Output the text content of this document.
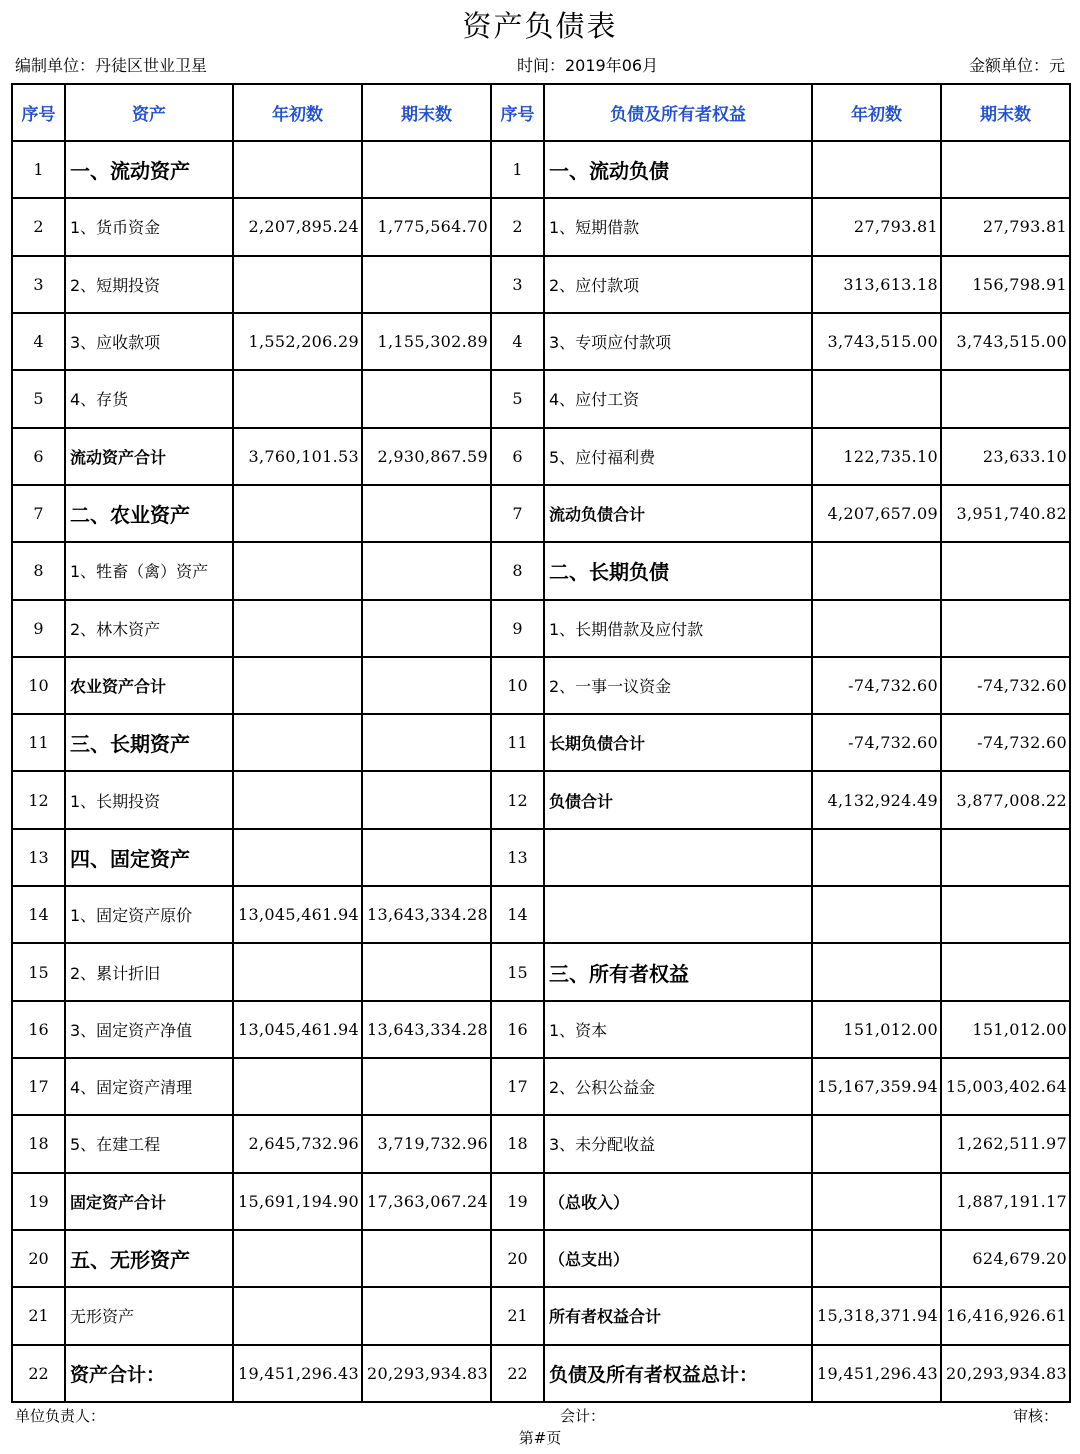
资产负债表
编制单位：丹徒区世业卫星	时间：2019年06月	金额单位：元
序号	资产	年初数	期末数	序号	负债及所有者权益	年初数	期末数
1	一、流动资产			1	一、流动负债		
2	1、货币资金	2,207,895.24	1,775,564.70	2	1、短期借款	27,793.81	27,793.81
3	2、短期投资			3	2、应付款项	313,613.18	156,798.91
4	3、应收款项	1,552,206.29	1,155,302.89	4	3、专项应付款项	3,743,515.00	3,743,515.00
5	4、存货			5	4、应付工资		
6	流动资产合计	3,760,101.53	2,930,867.59	6	5、应付福利费	122,735.10	23,633.10
7	二、农业资产			7	流动负债合计	4,207,657.09	3,951,740.82
8	1、牲畜（禽）资产			8	二、长期负债		
9	2、林木资产			9	1、长期借款及应付款		
10	农业资产合计			10	2、一事一议资金	-74,732.60	-74,732.60
11	三、长期资产			11	长期负债合计	-74,732.60	-74,732.60
12	1、长期投资			12	负债合计	4,132,924.49	3,877,008.22
13	四、固定资产			13			
14	1、固定资产原价	13,045,461.94	13,643,334.28	14			
15	2、累计折旧			15	三、所有者权益		
16	3、固定资产净值	13,045,461.94	13,643,334.28	16	1、资本	151,012.00	151,012.00
17	4、固定资产清理			17	2、公积公益金	15,167,359.94	15,003,402.64
18	5、在建工程	2,645,732.96	3,719,732.96	18	3、未分配收益		1,262,511.97
19	固定资产合计	15,691,194.90	17,363,067.24	19	（总收入）		1,887,191.17
20	五、无形资产			20	（总支出）		624,679.20
21	无形资产			21	所有者权益合计	15,318,371.94	16,416,926.61
22	资产合计：	19,451,296.43	20,293,934.83	22	负债及所有者权益总计：	19,451,296.43	20,293,934.83
单位负责人：	会计：	审核：
第#页
